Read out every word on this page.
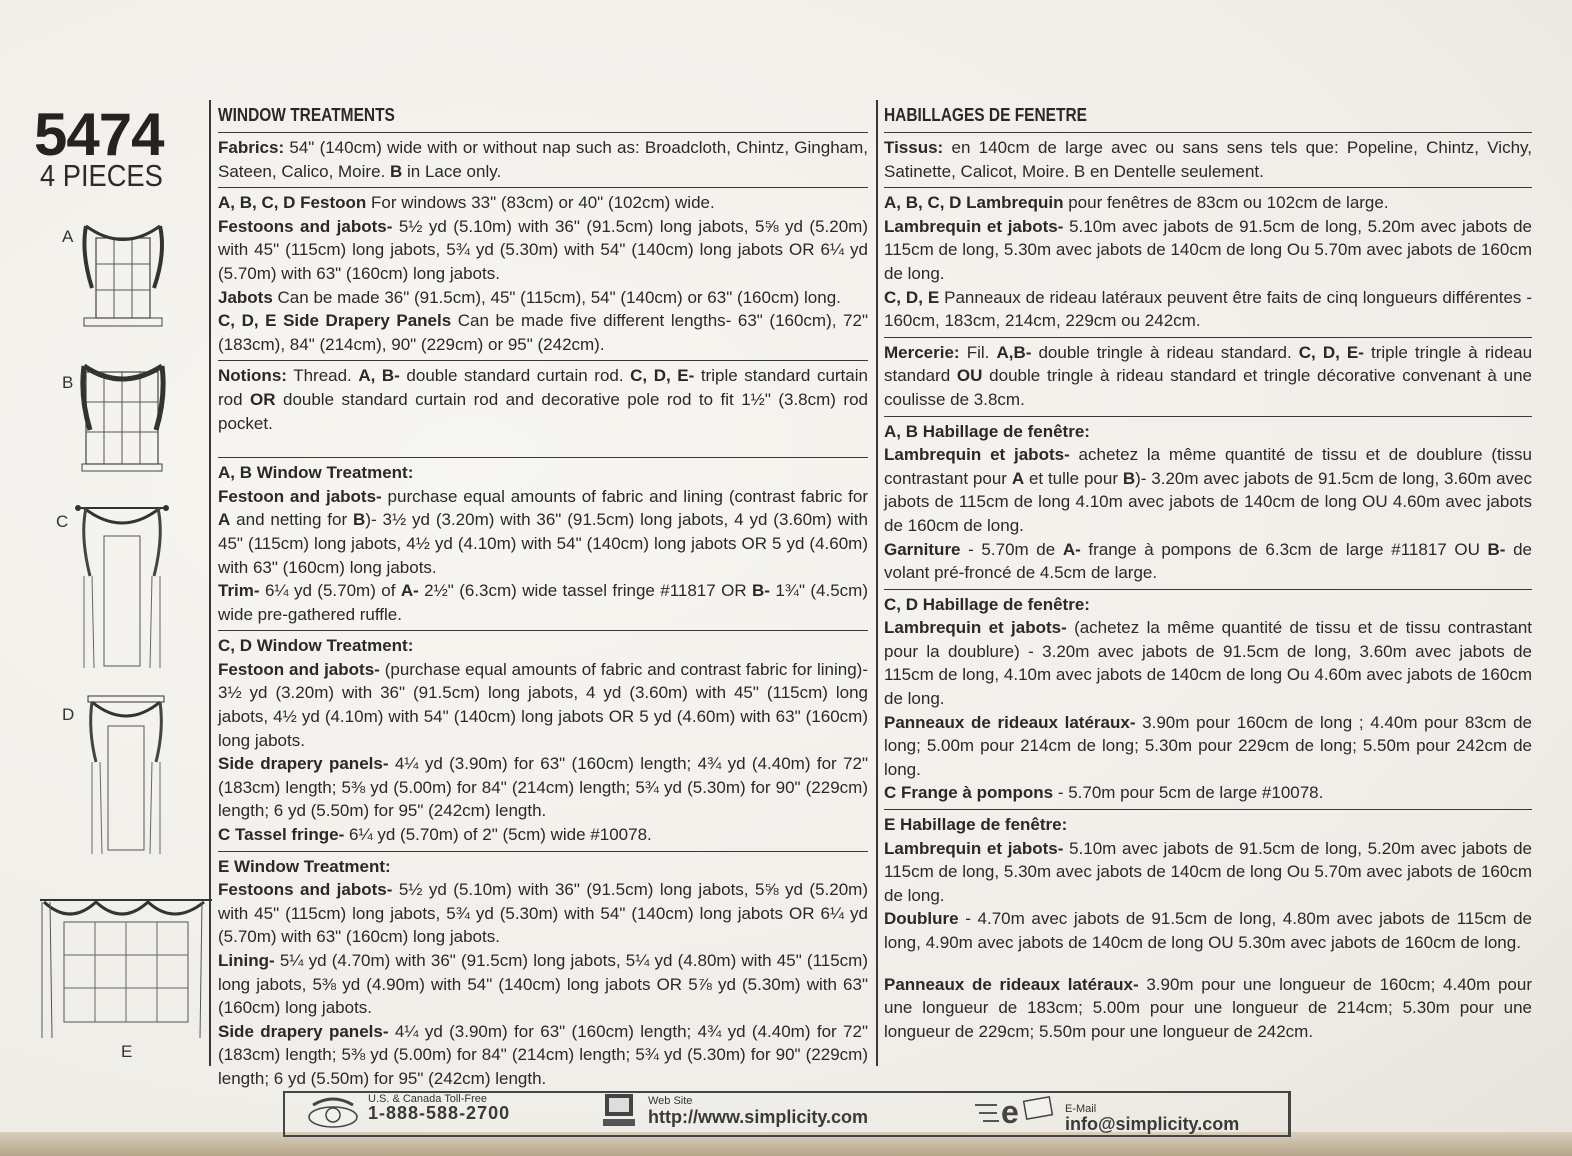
5474
4 PIECES
A
B
C
D
E
WINDOW TREATMENTS

Fabrics: 54" (140cm) wide with or without nap such as: Broadcloth, Chintz, Gingham, Sateen, Calico, Moire. B in Lace only.

A, B, C, D Festoon For windows 33" (83cm) or 40" (102cm) wide.
Festoons and jabots- 5½ yd (5.10m) with 36" (91.5cm) long jabots, 5⅝ yd (5.20m) with 45" (115cm) long jabots, 5¾ yd (5.30m) with 54" (140cm) long jabots OR 6¼ yd (5.70m) with 63" (160cm) long jabots.
Jabots Can be made 36" (91.5cm), 45" (115cm), 54" (140cm) or 63" (160cm) long.
C, D, E Side Drapery Panels Can be made five different lengths- 63" (160cm), 72" (183cm), 84" (214cm), 90" (229cm) or 95" (242cm).

Notions: Thread. A, B- double standard curtain rod. C, D, E- triple standard curtain rod OR double standard curtain rod and decorative pole rod to fit 1½" (3.8cm) rod pocket.

A, B Window Treatment:
Festoon and jabots- purchase equal amounts of fabric and lining (contrast fabric for A and netting for B)- 3½ yd (3.20m) with 36" (91.5cm) long jabots, 4 yd (3.60m) with 45" (115cm) long jabots, 4½ yd (4.10m) with 54" (140cm) long jabots OR 5 yd (4.60m) with 63" (160cm) long jabots.
Trim- 6¼ yd (5.70m) of A- 2½" (6.3cm) wide tassel fringe #11817 OR B- 1¾" (4.5cm) wide pre-gathered ruffle.

C, D Window Treatment:
Festoon and jabots- (purchase equal amounts of fabric and contrast fabric for lining)- 3½ yd (3.20m) with 36" (91.5cm) long jabots, 4 yd (3.60m) with 45" (115cm) long jabots, 4½ yd (4.10m) with 54" (140cm) long jabots OR 5 yd (4.60m) with 63" (160cm) long jabots.
Side drapery panels- 4¼ yd (3.90m) for 63" (160cm) length; 4¾ yd (4.40m) for 72" (183cm) length; 5⅜ yd (5.00m) for 84" (214cm) length; 5¾ yd (5.30m) for 90" (229cm) length; 6 yd (5.50m) for 95" (242cm) length.
C Tassel fringe- 6¼ yd (5.70m) of 2" (5cm) wide #10078.

E Window Treatment:
Festoons and jabots- 5½ yd (5.10m) with 36" (91.5cm) long jabots, 5⅝ yd (5.20m) with 45" (115cm) long jabots, 5¾ yd (5.30m) with 54" (140cm) long jabots OR 6¼ yd (5.70m) with 63" (160cm) long jabots.
Lining- 5¼ yd (4.70m) with 36" (91.5cm) long jabots, 5¼ yd (4.80m) with 45" (115cm) long jabots, 5⅜ yd (4.90m) with 54" (140cm) long jabots OR 5⅞ yd (5.30m) with 63" (160cm) long jabots.
Side drapery panels- 4¼ yd (3.90m) for 63" (160cm) length; 4¾ yd (4.40m) for 72" (183cm) length; 5⅜ yd (5.00m) for 84" (214cm) length; 5¾ yd (5.30m) for 90" (229cm) length; 6 yd (5.50m) for 95" (242cm) length.

HABILLAGES DE FENETRE

Tissus: en 140cm de large avec ou sans sens tels que: Popeline, Chintz, Vichy, Satinette, Calicot, Moire. B en Dentelle seulement.

A, B, C, D Lambrequin pour fenêtres de 83cm ou 102cm de large.
Lambrequin et jabots- 5.10m avec jabots de 91.5cm de long, 5.20m avec jabots de 115cm de long, 5.30m avec jabots de 140cm de long Ou 5.70m avec jabots de 160cm de long.
C, D, E Panneaux de rideau latéraux peuvent être faits de cinq longueurs différentes - 160cm, 183cm, 214cm, 229cm ou 242cm.

Mercerie: Fil. A,B- double tringle à rideau standard. C, D, E- triple tringle à rideau standard OU double tringle à rideau standard et tringle décorative convenant à une coulisse de 3.8cm.

A, B Habillage de fenêtre:
Lambrequin et jabots- achetez la même quantité de tissu et de doublure (tissu contrastant pour A et tulle pour B)- 3.20m avec jabots de 91.5cm de long, 3.60m avec jabots de 115cm de long 4.10m avec jabots de 140cm de long OU 4.60m avec jabots de 160cm de long.
Garniture - 5.70m de A- frange à pompons de 6.3cm de large #11817 OU B- de volant pré-froncé de 4.5cm de large.

C, D Habillage de fenêtre:
Lambrequin et jabots- (achetez la même quantité de tissu et de tissu contrastant pour la doublure) - 3.20m avec jabots de 91.5cm de long, 3.60m avec jabots de 115cm de long, 4.10m avec jabots de 140cm de long Ou 4.60m avec jabots de 160cm de long.
Panneaux de rideaux latéraux- 3.90m pour 160cm de long ; 4.40m pour 83cm de long; 5.00m pour 214cm de long; 5.30m pour 229cm de long; 5.50m pour 242cm de long.
C Frange à pompons - 5.70m pour 5cm de large #10078.

E Habillage de fenêtre:
Lambrequin et jabots- 5.10m avec jabots de 91.5cm de long, 5.20m avec jabots de 115cm de long, 5.30m avec jabots de 140cm de long Ou 5.70m avec jabots de 160cm de long.
Doublure - 4.70m avec jabots de 91.5cm de long, 4.80m avec jabots de 115cm de long, 4.90m avec jabots de 140cm de long OU 5.30m avec jabots de 160cm de long.

Panneaux de rideaux latéraux- 3.90m pour une longueur de 160cm; 4.40m pour une longueur de 183cm; 5.00m pour une longueur de 214cm; 5.30m pour une longueur de 229cm; 5.50m pour une longueur de 242cm.

U.S. & Canada Toll-Free
1-888-588-2700
Web Site
http://www.simplicity.com	e	E-Mail
info@simplicity.com
